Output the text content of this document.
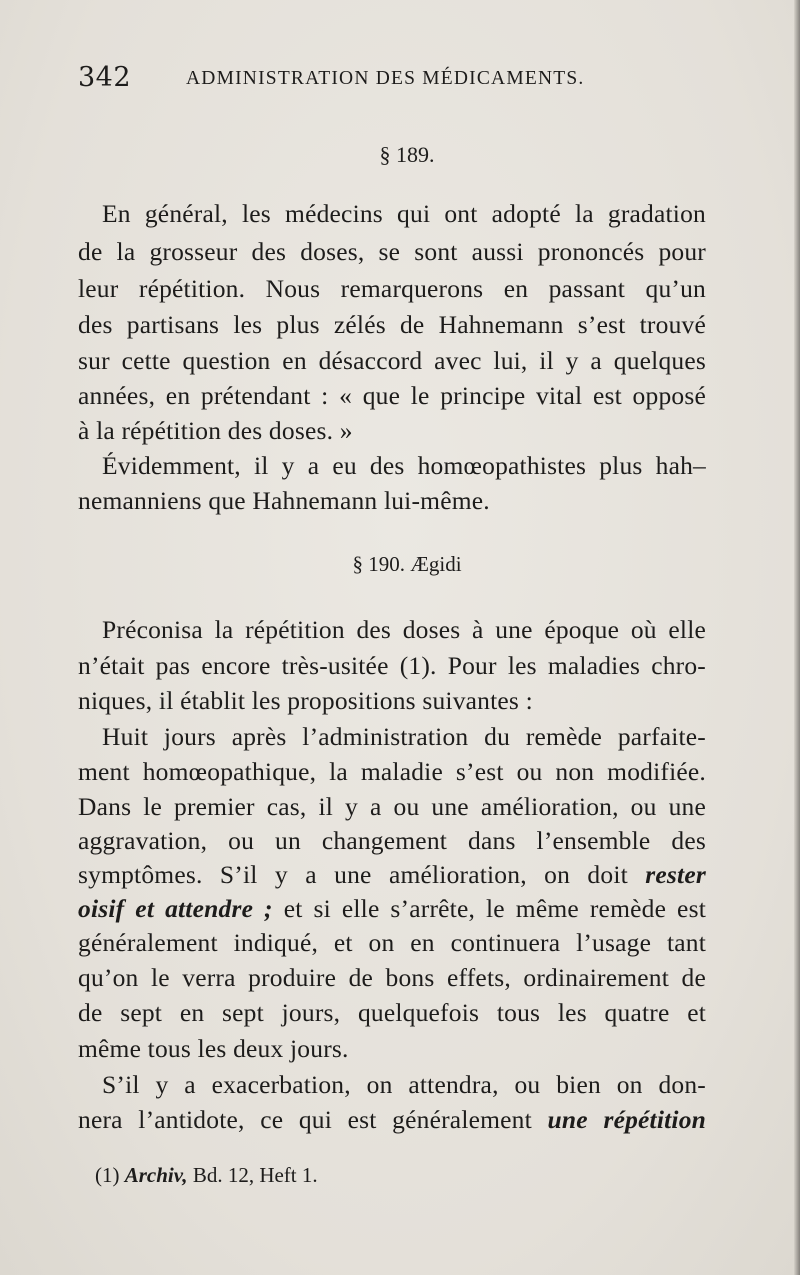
342	ADMINISTRATION DES MÉDICAMENTS.
§ 189.
En général, les médecins qui ont adopté la gradation
de la grosseur des doses, se sont aussi prononcés pour
leur répétition. Nous remarquerons en passant qu’un
des partisans les plus zélés de Hahnemann s’est trouvé
sur cette question en désaccord avec lui, il y a quelques
années, en prétendant : « que le principe vital est opposé
à la répétition des doses. »
Évidemment, il y a eu des homœopathistes plus hah–
nemanniens que Hahnemann lui-même.
§ 190. Ægidi
Préconisa la répétition des doses à une époque où elle
n’était pas encore très-usitée (1). Pour les maladies chro-
niques, il établit les propositions suivantes :
Huit jours après l’administration du remède parfaite-
ment homœopathique, la maladie s’est ou non modifiée.
Dans le premier cas, il y a ou une amélioration, ou une
aggravation, ou un changement dans l’ensemble des
symptômes. S’il y a une amélioration, on doit rester
oisif et attendre ; et si elle s’arrête, le même remède est
généralement indiqué, et on en continuera l’usage tant
qu’on le verra produire de bons effets, ordinairement de
de sept en sept jours, quelquefois tous les quatre et
même tous les deux jours.
S’il y a exacerbation, on attendra, ou bien on don-
nera l’antidote, ce qui est généralement une répétition
(1) Archiv, Bd. 12, Heft 1.
